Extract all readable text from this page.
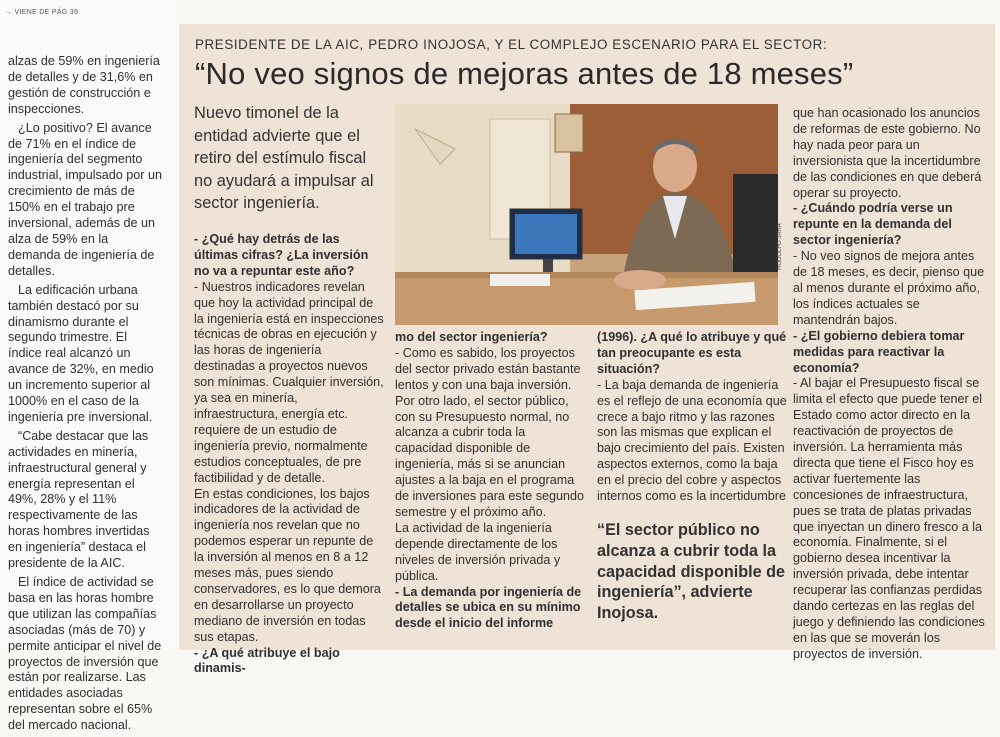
→ VIENE DE PÁG 39

alzas de 59% en ingeniería de detalles y de 31,6% en gestión de construcción e inspecciones.

¿Lo positivo? El avance de 71% en el índice de ingeniería del segmento industrial, impulsado por un crecimiento de más de 150% en el trabajo pre inversional, además de un alza de 59% en la demanda de ingeniería de detalles.

La edificación urbana también destacó por su dinamismo durante el segundo trimestre. El índice real alcanzó un avance de 32%, en medio un incremento superior al 1000% en el caso de la ingeniería pre inversional.

“Cabe destacar que las actividades en minería, infraestructural general y energía representan el 49%, 28% y el 11% respectivamente de las horas hombres invertidas en ingeniería” destaca el presidente de la AIC.

El índice de actividad se basa en las horas hombre que utilizan las compañías asociadas (más de 70) y permite anticipar el nivel de proyectos de inversión que están por realizarse. Las entidades asociadas representan sobre el 65% del mercado nacional.

PRESIDENTE DE LA AIC, PEDRO INOJOSA, Y EL COMPLEJO ESCENARIO PARA EL SECTOR:
“No veo signos de mejoras antes de 18 meses”
Nuevo timonel de la entidad advierte que el retiro del estímulo fiscal no ayudará a impulsar al sector ingeniería.

- ¿Qué hay detrás de las últimas cifras? ¿La inversión no va a repuntar este año?

- Nuestros indicadores revelan que hoy la actividad principal de la ingeniería está en inspecciones técnicas de obras en ejecución y las horas de ingeniería destinadas a proyectos nuevos son mínimas. Cualquier inversión, ya sea en minería, infraestructura, energía etc. requiere de un estudio de ingeniería previo, normalmente estudios conceptuales, de pre factibilidad y de detalle.

En estas condiciones, los bajos indicadores de la actividad de ingeniería nos revelan que no podemos esperar un repunte de la inversión al menos en 8 a 12 meses más, pues siendo conservadores, es lo que demora en desarrollarse un proyecto mediano de inversión en todas sus etapas.

- ¿A qué atribuye el bajo dinamis-

RODOLFO JARA

mo del sector ingeniería?

- Como es sabido, los proyectos del sector privado están bastante lentos y con una baja inversión. Por otro lado, el sector público, con su Presupuesto normal, no alcanza a cubrir toda la capacidad disponible de ingeniería, más si se anuncian ajustes a la baja en el programa de inversiones para este segundo semestre y el próximo año.

La actividad de la ingeniería depende directamente de los niveles de inversión privada y pública.

- La demanda por ingeniería de detalles se ubica en su mínimo desde el inicio del informe

(1996). ¿A qué lo atribuye y qué tan preocupante es esta situación?

- La baja demanda de ingeniería es el reflejo de una economía que crece a bajo ritmo y las razones son las mismas que explican el bajo crecimiento del país. Existen aspectos externos, como la baja en el precio del cobre y aspectos internos como es la incertidumbre

“El sector público no alcanza a cubrir toda la capacidad disponible de ingeniería”, advierte Inojosa.

que han ocasionado los anuncios de reformas de este gobierno. No hay nada peor para un inversionista que la incertidumbre de las condiciones en que deberá operar su proyecto.

- ¿Cuándo podría verse un repunte en la demanda del sector ingeniería?

- No veo signos de mejora antes de 18 meses, es decir, pienso que al menos durante el próximo año, los índices actuales se mantendrán bajos.

- ¿El gobierno debiera tomar medidas para reactivar la economía?

- Al bajar el Presupuesto fiscal se limita el efecto que puede tener el Estado como actor directo en la reactivación de proyectos de inversión. La herramienta más directa que tiene el Fisco hoy es activar fuertemente las concesiones de infraestructura, pues se trata de platas privadas que inyectan un dinero fresco a la economía. Finalmente, si el gobierno desea incentivar la inversión privada, debe intentar recuperar las confianzas perdidas dando certezas en las reglas del juego y definiendo las condiciones en las que se moverán los proyectos de inversión.
